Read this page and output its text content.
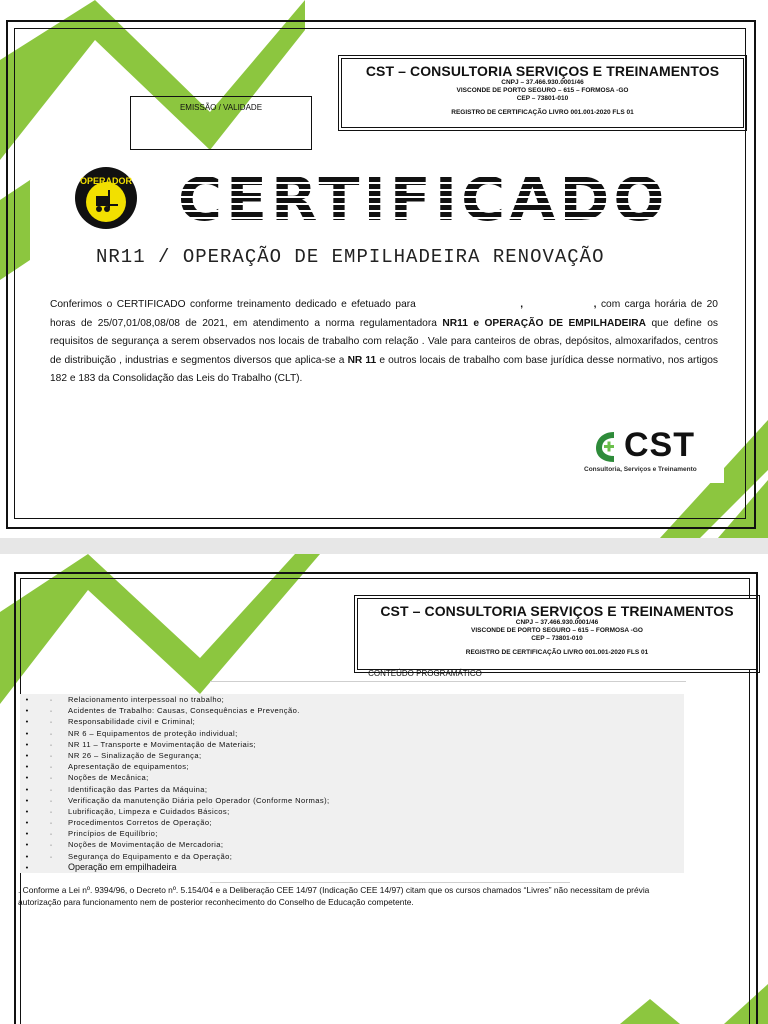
EMISSÃO / VALIDADE
CST – CONSULTORIA SERVIÇOS E TREINAMENTOS
CNPJ – 37.466.930.0001/46
VISCONDE DE PORTO SEGURO – 615 – FORMOSA -GO
CEP – 73801-010
REGISTRO DE CERTIFICAÇÃO LIVRO 001.001-2020 FLS 01
OPERADOR CERTIFICADO
NR11 / OPERAÇÃO DE EMPILHADEIRA RENOVAÇÃO
Conferimos o CERTIFICADO conforme treinamento dedicado e efetuado para	,	, com carga horária de 20 horas de 25/07,01/08,08/08 de 2021, em atendimento a norma regulamentadora NR11 e OPERAÇÃO DE EMPILHADEIRA que define os requisitos de segurança a serem observados nos locais de trabalho com relação . Vale para canteiros de obras, depósitos, almoxarifados, centros de distribuição , industrias e segmentos diversos que aplica-se a NR 11 e outros locais de trabalho com base jurídica desse normativo, nos artigos 182 e 183 da Consolidação das Leis do Trabalho (CLT).
CST
Consultoria, Serviços e Treinamento
CST – CONSULTORIA SERVIÇOS E TREINAMENTOS
CNPJ – 37.466.930.0001/46
VISCONDE DE PORTO SEGURO – 615 – FORMOSA -GO
CEP – 73801-010
REGISTRO DE CERTIFICAÇÃO LIVRO 001.001-2020 FLS 01
CONTEÚDO PROGRAMÁTICO
•	·	Relacionamento interpessoal no trabalho;
•	·	Acidentes de Trabalho: Causas, Consequências e Prevenção.
•	·	Responsabilidade civil e Criminal;
•	·	NR 6 – Equipamentos de proteção individual;
•	·	NR 11 – Transporte e Movimentação de Materiais;
•	·	NR 26 – Sinalização de Segurança;
•	·	Apresentação de equipamentos;
•	·	Noções de Mecânica;
•	·	Identificação das Partes da Máquina;
•	·	Verificação da manutenção Diária pelo Operador (Conforme Normas);
•	·	Lubrificação, Limpeza e Cuidados Básicos;
•	·	Procedimentos Corretos de Operação;
•	·	Princípios de Equilíbrio;
•	·	Noções de Movimentação de Mercadoria;
•	·	Segurança do Equipamento e da Operação;
•	Operação em empilhadeira
. Conforme a Lei nº. 9394/96, o Decreto nº. 5.154/04 e a Deliberação CEE 14/97 (Indicação CEE 14/97) citam que os cursos chamados “Livres” não necessitam de prévia autorização para funcionamento nem de posterior reconhecimento do Conselho de Educação competente.
